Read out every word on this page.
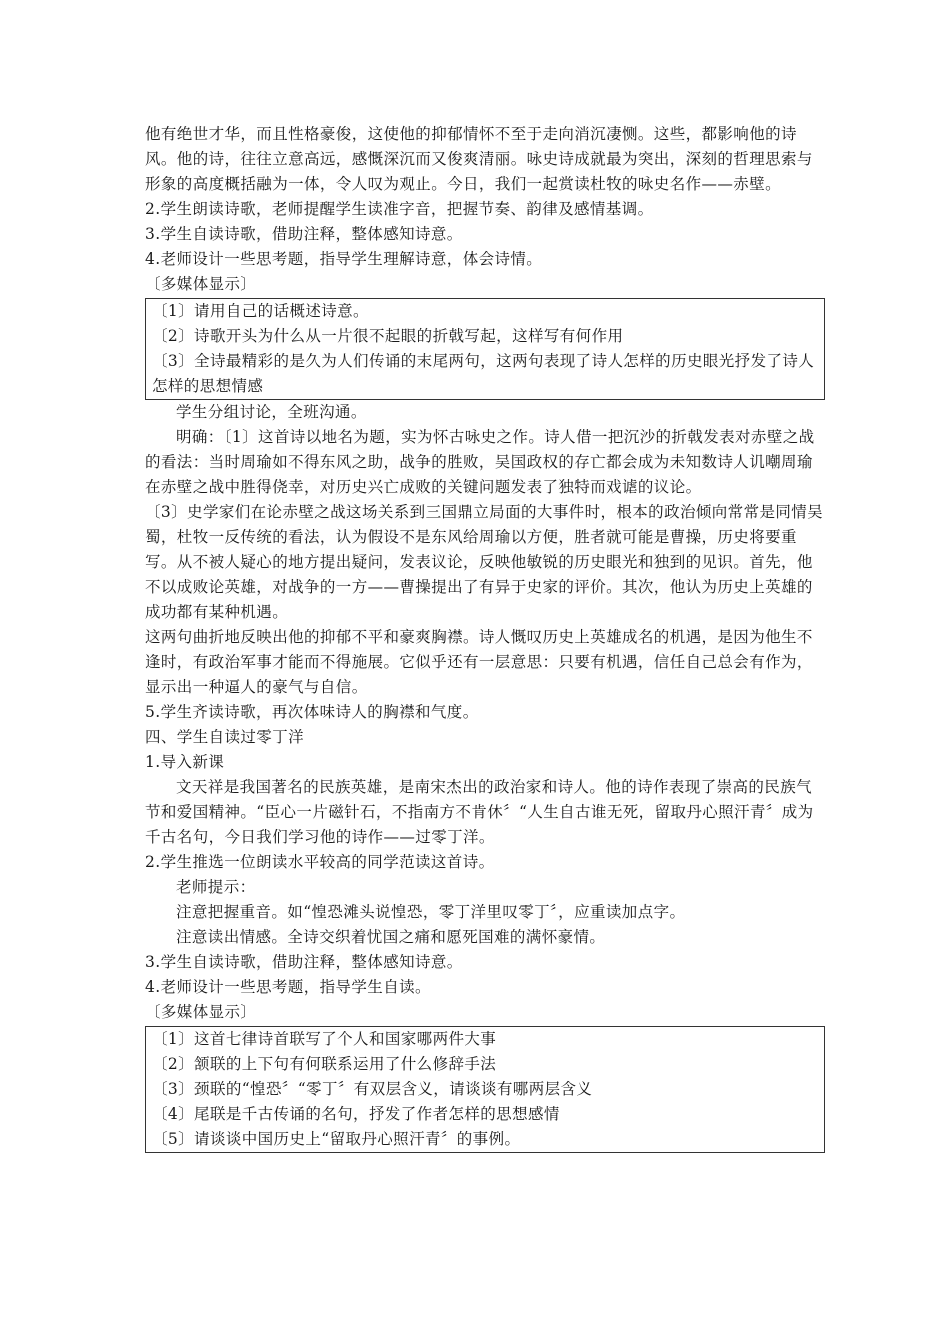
他有绝世才华，而且性格豪俊，这使他的抑郁情怀不至于走向消沉凄恻。这些，都影响他的诗风。他的诗，往往立意高远，感慨深沉而又俊爽清丽。咏史诗成就最为突出，深刻的哲理思索与形象的高度概括融为一体，令人叹为观止。今日，我们一起赏读杜牧的咏史名作——赤壁。

2.学生朗读诗歌，老师提醒学生读准字音，把握节奏、韵律及感情基调。

3.学生自读诗歌，借助注释，整体感知诗意。

4.老师设计一些思考题，指导学生理解诗意，体会诗情。

〔多媒体显示〕

〔1〕请用自己的话概述诗意。

〔2〕诗歌开头为什么从一片很不起眼的折戟写起，这样写有何作用

〔3〕全诗最精彩的是久为人们传诵的末尾两句，这两句表现了诗人怎样的历史眼光抒发了诗人怎样的思想情感

学生分组讨论，全班沟通。

明确：〔1〕这首诗以地名为题，实为怀古咏史之作。诗人借一把沉沙的折戟发表对赤壁之战的看法：当时周瑜如不得东风之助，战争的胜败，吴国政权的存亡都会成为未知数诗人讥嘲周瑜在赤壁之战中胜得侥幸，对历史兴亡成败的关键问题发表了独特而戏谑的议论。

〔3〕史学家们在论赤壁之战这场关系到三国鼎立局面的大事件时，根本的政治倾向常常是同情吴蜀，杜牧一反传统的看法，认为假设不是东风给周瑜以方便，胜者就可能是曹操，历史将要重写。从不被人疑心的地方提出疑问，发表议论，反映他敏锐的历史眼光和独到的见识。首先，他不以成败论英雄，对战争的一方——曹操提出了有异于史家的评价。其次，他认为历史上英雄的成功都有某种机遇。

这两句曲折地反映出他的抑郁不平和豪爽胸襟。诗人慨叹历史上英雄成名的机遇，是因为他生不逢时，有政治军事才能而不得施展。它似乎还有一层意思：只要有机遇，信任自己总会有作为，显示出一种逼人的豪气与自信。

5.学生齐读诗歌，再次体味诗人的胸襟和气度。

四、学生自读过零丁洋

1.导入新课

文天祥是我国著名的民族英雄，是南宋杰出的政治家和诗人。他的诗作表现了崇高的民族气节和爱国精神。“臣心一片磁针石，不指南方不肯休〞“人生自古谁无死，留取丹心照汗青〞成为千古名句，今日我们学习他的诗作——过零丁洋。

2.学生推选一位朗读水平较高的同学范读这首诗。

老师提示：

注意把握重音。如“惶恐滩头说惶恐，零丁洋里叹零丁〞，应重读加点字。

注意读出情感。全诗交织着忧国之痛和愿死国难的满怀豪情。

3.学生自读诗歌，借助注释，整体感知诗意。

4.老师设计一些思考题，指导学生自读。

〔多媒体显示〕

〔1〕这首七律诗首联写了个人和国家哪两件大事

〔2〕颔联的上下句有何联系运用了什么修辞手法

〔3〕颈联的“惶恐〞“零丁〞有双层含义，请谈谈有哪两层含义

〔4〕尾联是千古传诵的名句，抒发了作者怎样的思想感情

〔5〕请谈谈中国历史上“留取丹心照汗青〞的事例。
